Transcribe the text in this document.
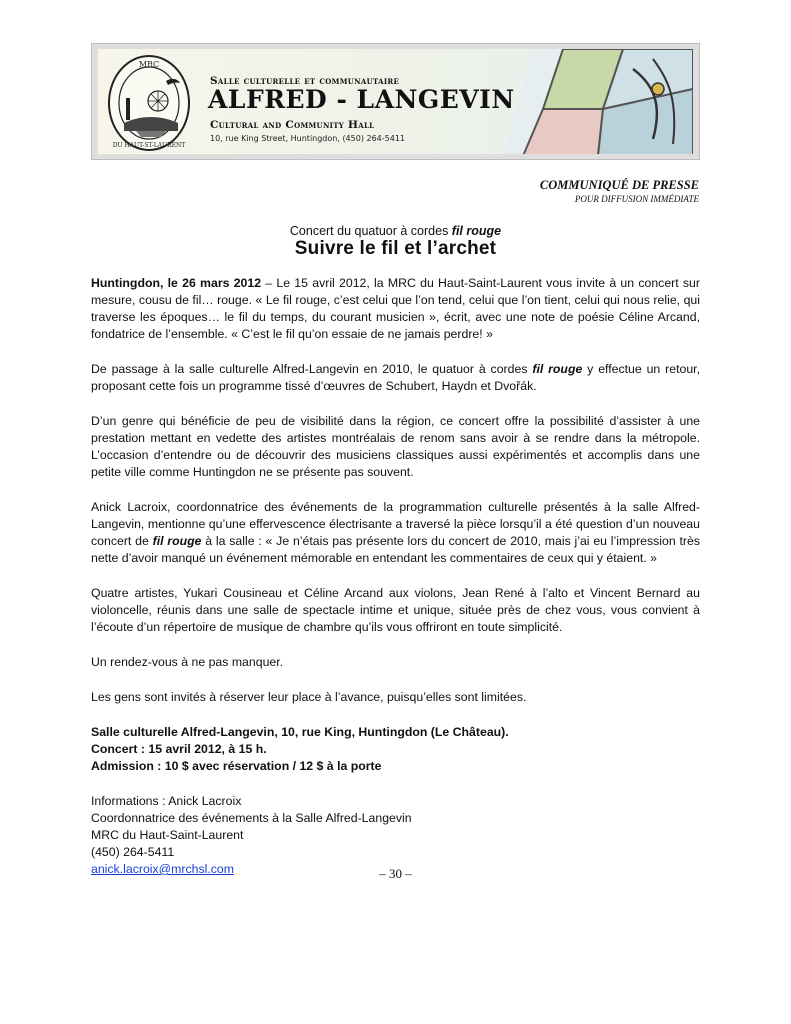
MRC
DU HAUT-ST-LAURENT
Salle culturelle et communautaire
ALFRED - LANGEVIN
Cultural and Community Hall
10, rue King Street, Huntingdon, (450) 264-5411
COMMUNIQUÉ DE PRESSE
POUR DIFFUSION IMMÉDIATE
Concert du quatuor à cordes fil rouge
Suivre le fil et l’archet

Huntingdon, le 26 mars 2012 – Le 15 avril 2012, la MRC du Haut-Saint-Laurent vous invite à un concert sur mesure, cousu de fil… rouge. « Le fil rouge, c’est celui que l’on tend, celui que l’on tient, celui qui nous relie, qui traverse les époques… le fil du temps, du courant musicien », écrit, avec une note de poésie Céline Arcand, fondatrice de l’ensemble. « C’est le fil qu’on essaie de ne jamais perdre! »

De passage à la salle culturelle Alfred-Langevin en 2010, le quatuor à cordes fil rouge y effectue un retour, proposant cette fois un programme tissé d’œuvres de Schubert, Haydn et Dvořák.

D’un genre qui bénéficie de peu de visibilité dans la région, ce concert offre la possibilité d’assister à une prestation mettant en vedette des artistes montréalais de renom sans avoir à se rendre dans la métropole. L’occasion d’entendre ou de découvrir des musiciens classiques aussi expérimentés et accomplis dans une petite ville comme Huntingdon ne se présente pas souvent.

Anick Lacroix, coordonnatrice des événements de la programmation culturelle présentés à la salle Alfred-Langevin, mentionne qu’une effervescence électrisante a traversé la pièce lorsqu’il a été question d’un nouveau concert de fil rouge à la salle : « Je n’étais pas présente lors du concert de 2010, mais j’ai eu l’impression très nette d’avoir manqué un événement mémorable en entendant les commentaires de ceux qui y étaient. »

Quatre artistes, Yukari Cousineau et Céline Arcand aux violons, Jean René à l’alto et Vincent Bernard au violoncelle, réunis dans une salle de spectacle intime et unique, située près de chez vous, vous convient à l’écoute d’un répertoire de musique de chambre qu’ils vous offriront en toute simplicité.

Un rendez-vous à ne pas manquer.

Les gens sont invités à réserver leur place à l’avance, puisqu’elles sont limitées.

Salle culturelle Alfred-Langevin, 10, rue King, Huntingdon (Le Château).
Concert : 15 avril 2012, à 15 h.
Admission : 10 $ avec réservation / 12 $ à la porte

Informations : Anick Lacroix
Coordonnatrice des événements à la Salle Alfred-Langevin
MRC du Haut-Saint-Laurent
(450) 264-5411
anick.lacroix@mrchsl.com	– 30 –
